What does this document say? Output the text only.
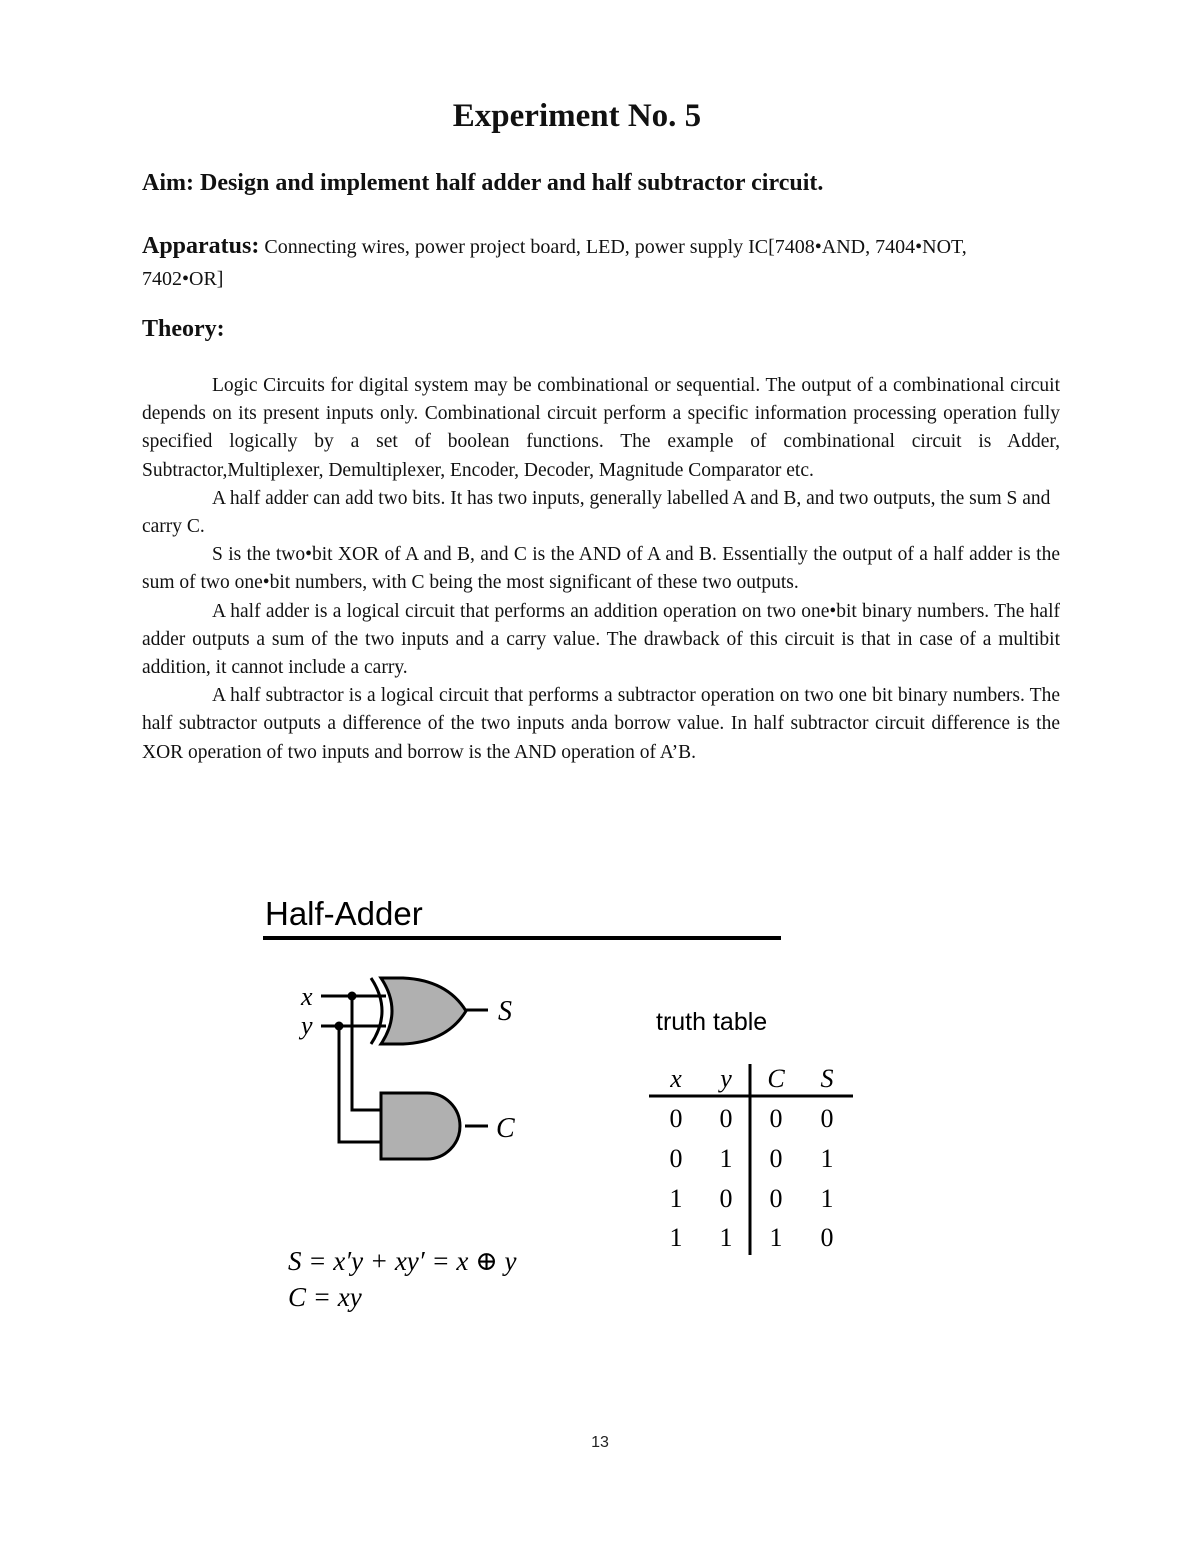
Experiment No. 5
Aim: Design and implement half adder and half subtractor circuit.

Apparatus: Connecting wires, power project board, LED, power supply IC[7408•AND, 7404•NOT, 7402•OR]

Theory:

Logic Circuits for digital system may be combinational or sequential. The output of a combinational circuit depends on its present inputs only. Combinational circuit perform a specific information processing operation fully specified logically by a set of boolean functions. The example of combinational circuit is Adder, Subtractor,Multiplexer, Demultiplexer, Encoder, Decoder, Magnitude Comparator etc.

A half adder can add two bits. It has two inputs, generally labelled A and B, and two outputs, the sum S and carry C.

S is the two•bit XOR of A and B, and C is the AND of A and B. Essentially the output of a half adder is the sum of two one•bit numbers, with C being the most significant of these two outputs.

A half adder is a logical circuit that performs an addition operation on two one•bit binary numbers. The half adder outputs a sum of the two inputs and a carry value. The drawback of this circuit is that in case of a multibit addition, it cannot include a carry.

A half subtractor is a logical circuit that performs a subtractor operation on two one bit binary numbers. The half subtractor outputs a difference of the two inputs anda borrow value. In half subtractor circuit difference is the XOR operation of two inputs and borrow is the AND operation of A’B.

Half-Adder
x
y	S
C
S = x′y + xy′ = x ⊕ y
C = xy
truth table
x y C S
0 0 0 0
0 1 0 1
1 0 0 1
1 1 1 0
13
